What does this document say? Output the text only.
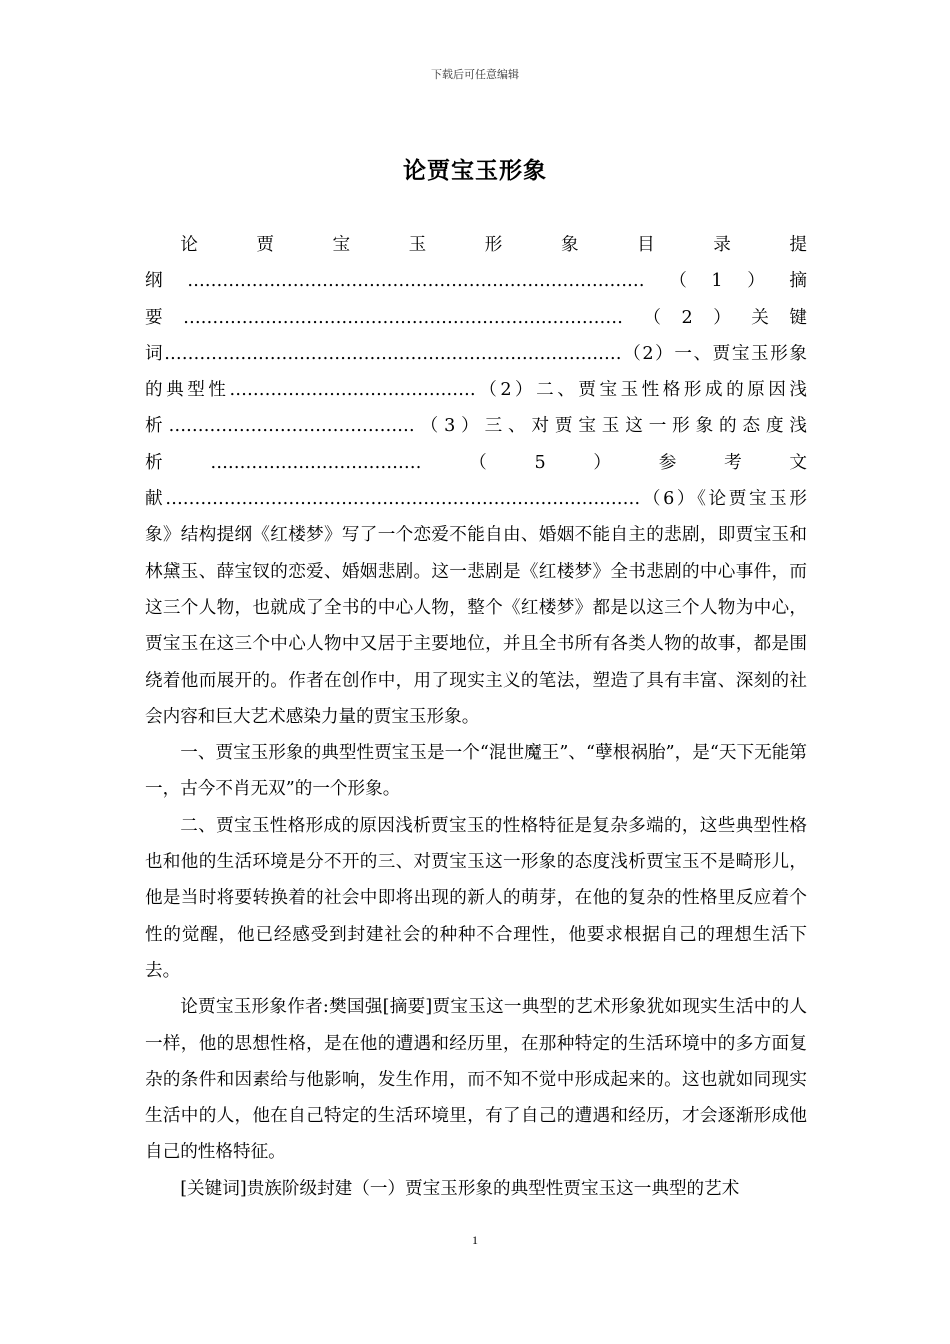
下载后可任意编辑
论贾宝玉形象

论贾宝玉形象目录提纲……………………………………………………………………（1）摘要…………………………………………………………………（2）关键词……………………………………………………………………（2）一、贾宝玉形象的典型性……………………………………（2）二、贾宝玉性格形成的原因浅析……………………………………（3）三、对贾宝玉这一形象的态度浅析………………………………（5）参考文献………………………………………………………………………（6）《论贾宝玉形象》结构提纲《红楼梦》写了一个恋爱不能自由、婚姻不能自主的悲剧，即贾宝玉和林黛玉、薛宝钗的恋爱、婚姻悲剧。这一悲剧是《红楼梦》全书悲剧的中心事件，而这三个人物，也就成了全书的中心人物，整个《红楼梦》都是以这三个人物为中心，贾宝玉在这三个中心人物中又居于主要地位，并且全书所有各类人物的故事，都是围绕着他而展开的。作者在创作中，用了现实主义的笔法，塑造了具有丰富、深刻的社会内容和巨大艺术感染力量的贾宝玉形象。

一、贾宝玉形象的典型性贾宝玉是一个“混世魔王”、“孽根祸胎”，是“天下无能第一，古今不肖无双”的一个形象。

二、贾宝玉性格形成的原因浅析贾宝玉的性格特征是复杂多端的，这些典型性格也和他的生活环境是分不开的三、对贾宝玉这一形象的态度浅析贾宝玉不是畸形儿，他是当时将要转换着的社会中即将出现的新人的萌芽，在他的复杂的性格里反应着个性的觉醒，他已经感受到封建社会的种种不合理性，他要求根据自己的理想生活下去。

论贾宝玉形象作者:樊国强[摘要]贾宝玉这一典型的艺术形象犹如现实生活中的人一样，他的思想性格，是在他的遭遇和经历里，在那种特定的生活环境中的多方面复杂的条件和因素给与他影响，发生作用，而不知不觉中形成起来的。这也就如同现实生活中的人，他在自己特定的生活环境里，有了自己的遭遇和经历，才会逐渐形成他自己的性格特征。

[关键词]贵族阶级封建（一）贾宝玉形象的典型性贾宝玉这一典型的艺术

1
